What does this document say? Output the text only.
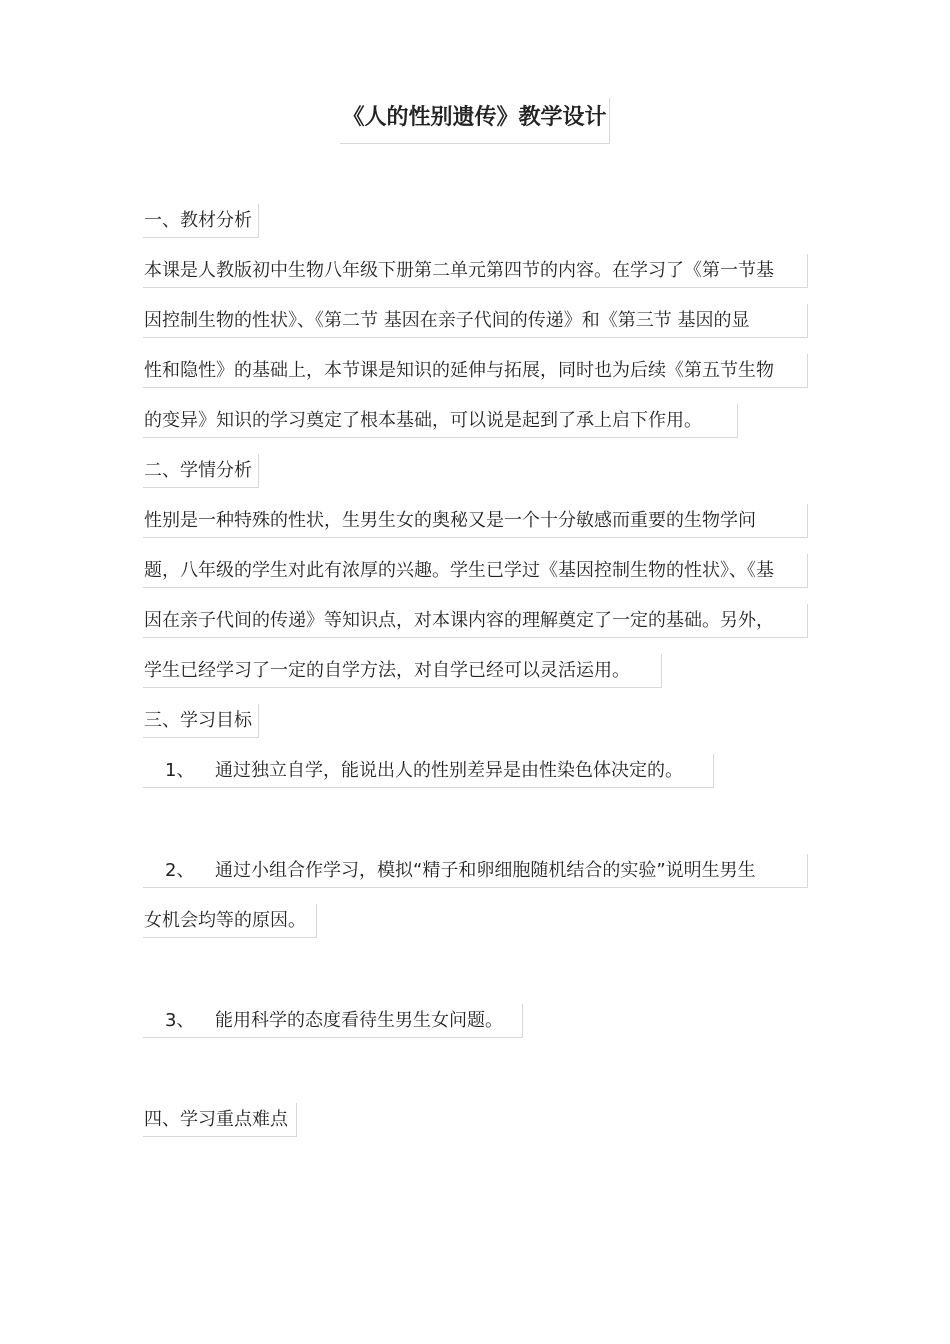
《人的性别遗传》教学设计
一、教材分析
本课是人教版初中生物八年级下册第二单元第四节的内容。在学习了《第一节基
因控制生物的性状》、《第二节 基因在亲子代间的传递》和《第三节 基因的显
性和隐性》的基础上，本节课是知识的延伸与拓展，同时也为后续《第五节生物
的变异》知识的学习奠定了根本基础，可以说是起到了承上启下作用。
二、学情分析
性别是一种特殊的性状，生男生女的奥秘又是一个十分敏感而重要的生物学问
题，八年级的学生对此有浓厚的兴趣。学生已学过《基因控制生物的性状》、《基
因在亲子代间的传递》等知识点，对本课内容的理解奠定了一定的基础。另外，
学生已经学习了一定的自学方法，对自学已经可以灵活运用。
三、学习目标
1、 通过独立自学，能说出人的性别差异是由性染色体决定的。
2、 通过小组合作学习，模拟“精子和卵细胞随机结合的实验”说明生男生
女机会均等的原因。
3、 能用科学的态度看待生男生女问题。
四、学习重点难点
